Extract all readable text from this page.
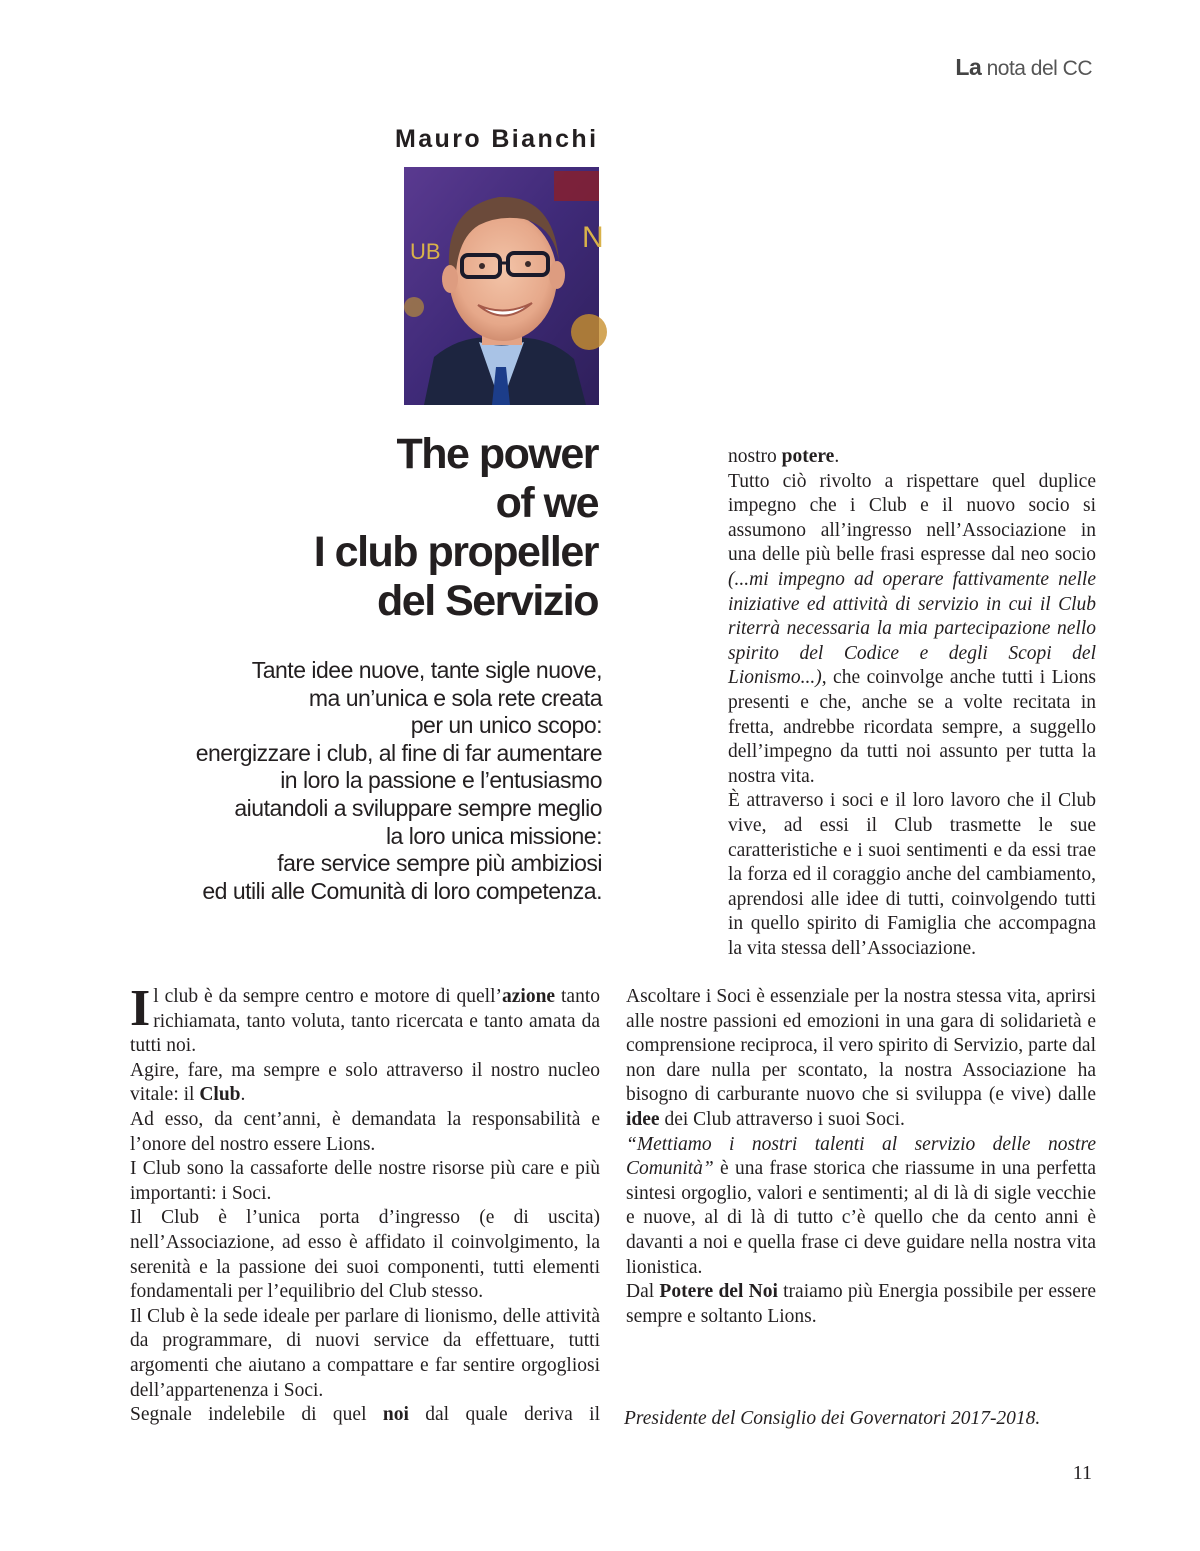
La nota del CC
Mauro Bianchi
UB	N
The power
of we
I club propeller
del Servizio
Tante idee nuove, tante sigle nuove,
ma un’unica e sola rete creata
per un unico scopo:
energizzare i club, al fine di far aumentare
in loro la passione e l’entusiasmo
aiutandoli a sviluppare sempre meglio
la loro unica missione:
fare service sempre più ambiziosi
ed utili alle Comunità di loro competenza.

Il club è da sempre centro e motore di quell’azione tanto richiamata, tanto voluta, tanto ricercata e tanto amata da tutti noi.

Agire, fare, ma sempre e solo attraverso il nostro nucleo vitale: il Club.

Ad esso, da cent’anni, è demandata la responsabilità e l’onore del nostro essere Lions.

I Club sono la cassaforte delle nostre risorse più care e più importanti: i Soci.

Il Club è l’unica porta d’ingresso (e di uscita) nell’Associazione, ad esso è affidato il coinvolgimento, la serenità e la passione dei suoi componenti, tutti elementi fondamentali per l’equilibrio del Club stesso.

Il Club è la sede ideale per parlare di lionismo, delle attività da programmare, di nuovi service da effettuare, tutti argomenti che aiutano a compattare e far sentire orgogliosi dell’appartenenza i Soci.

Segnale indelebile di quel noi dal quale deriva il

nostro potere.

Tutto ciò rivolto a rispettare quel duplice impegno che i Club e il nuovo socio si assumono all’ingresso nell’Associazione in una delle più belle frasi espresse dal neo socio (...mi impegno ad operare fattivamente nelle iniziative ed attività di servizio in cui il Club riterrà necessaria la mia partecipazione nello spirito del Codice e degli Scopi del Lionismo...), che coinvolge anche tutti i Lions presenti e che, anche se a volte recitata in fretta, andrebbe ricordata sempre, a suggello dell’impegno da tutti noi assunto per tutta la nostra vita.

È attraverso i soci e il loro lavoro che il Club vive, ad essi il Club trasmette le sue caratteristiche e i suoi sentimenti e da essi trae la forza ed il coraggio anche del cambiamento, aprendosi alle idee di tutti, coinvolgendo tutti in quello spirito di Famiglia che accompagna la vita stessa dell’Associazione.

Ascoltare i Soci è essenziale per la nostra stessa vita, aprirsi alle nostre passioni ed emozioni in una gara di solidarietà e comprensione reciproca, il vero spirito di Servizio, parte dal non dare nulla per scontato, la nostra Associazione ha bisogno di carburante nuovo che si sviluppa (e vive) dalle idee dei Club attraverso i suoi Soci.

“Mettiamo i nostri talenti al servizio delle nostre Comunità” è una frase storica che riassume in una perfetta sintesi orgoglio, valori e sentimenti; al di là di sigle vecchie e nuove, al di là di tutto c’è quello che da cento anni è davanti a noi e quella frase ci deve guidare nella nostra vita lionistica.

Dal Potere del Noi traiamo più Energia possibile per essere sempre e soltanto Lions.

Presidente del Consiglio dei Governatori 2017-2018.
11
